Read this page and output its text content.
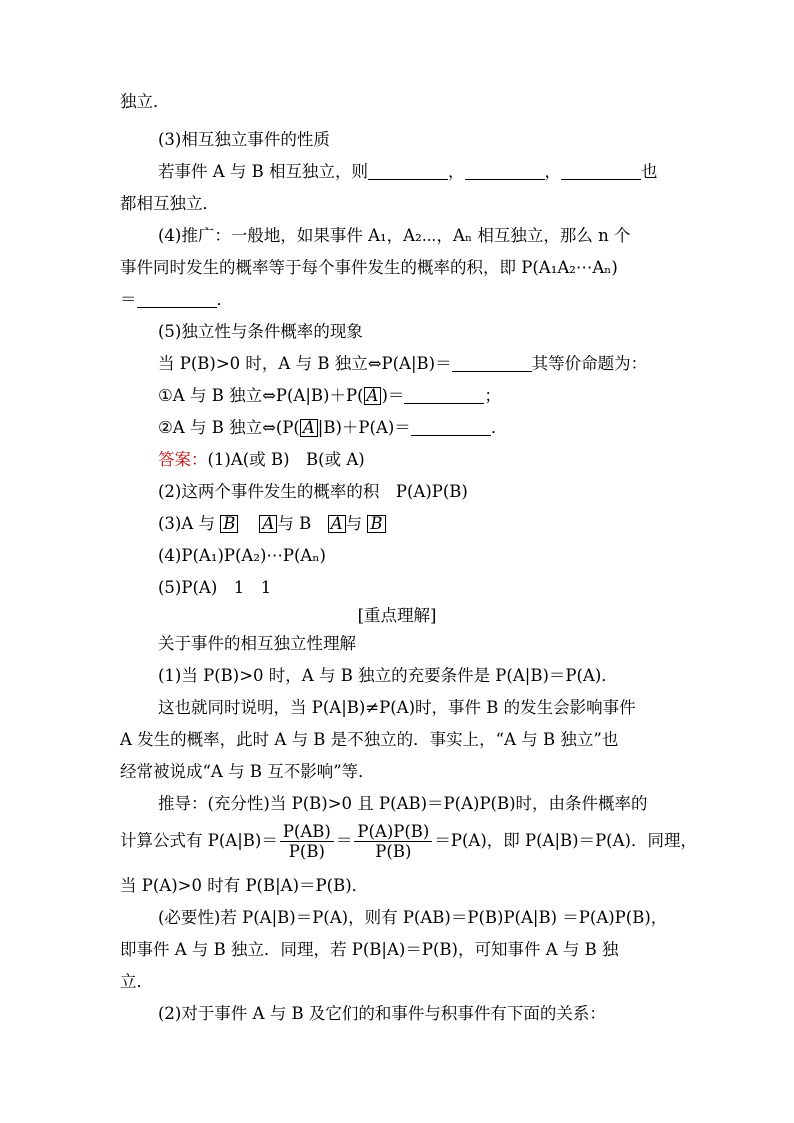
独立．
(3)相互独立事件的性质
若事件 A 与 B 相互独立，则	，	，	也
都相互独立．
(4)推广：一般地，如果事件 A₁，A₂⋯，Aₙ 相互独立，那么 n 个
事件同时发生的概率等于每个事件发生的概率的积，即 P(A₁A₂⋯Aₙ)
＝	．
(5)独立性与条件概率的现象
当 P(B)>0 时，A 与 B 独立⇔P(A|B)＝	其等价命题为：
①A 与 B 独立⇔P(A|B)＋P( A )＝	；
②A 与 B 独立⇔(P( A |B)＋P(A)＝	．
答案：(1)A(或 B)　B(或 A)
(2)这两个事件发生的概率的积　P(A)P(B)
(3)A 与 B A 与 B　A 与 B
(4)P(A₁)P(A₂)⋯P(Aₙ)
(5)P(A)　1　1
[重点理解]
关于事件的相互独立性理解
(1)当 P(B)>0 时，A 与 B 独立的充要条件是 P(A|B)＝P(A)．
这也就同时说明，当 P(A|B)≠P(A)时，事件 B 的发生会影响事件
A 发生的概率，此时 A 与 B 是不独立的．事实上，“A 与 B 独立”也
经常被说成“A 与 B 互不影响”等．
推导：(充分性)当 P(B)>0 且 P(AB)＝P(A)P(B)时，由条件概率的
计算公式有 $P(A|B)= \frac{P(AB)}{P(B)} = \frac{P(A)P(B)}{P(B)} =P(A)$，即 P(A|B)＝P(A)．同理，
当 P(A)>0 时有 P(B|A)＝P(B)．
(必要性)若 P(A|B)＝P(A)，则有 P(AB)＝P(B)P(A|B) ＝P(A)P(B)，
即事件 A 与 B 独立．同理，若 P(B|A)＝P(B)，可知事件 A 与 B 独
立．
(2)对于事件 A 与 B 及它们的和事件与积事件有下面的关系：
